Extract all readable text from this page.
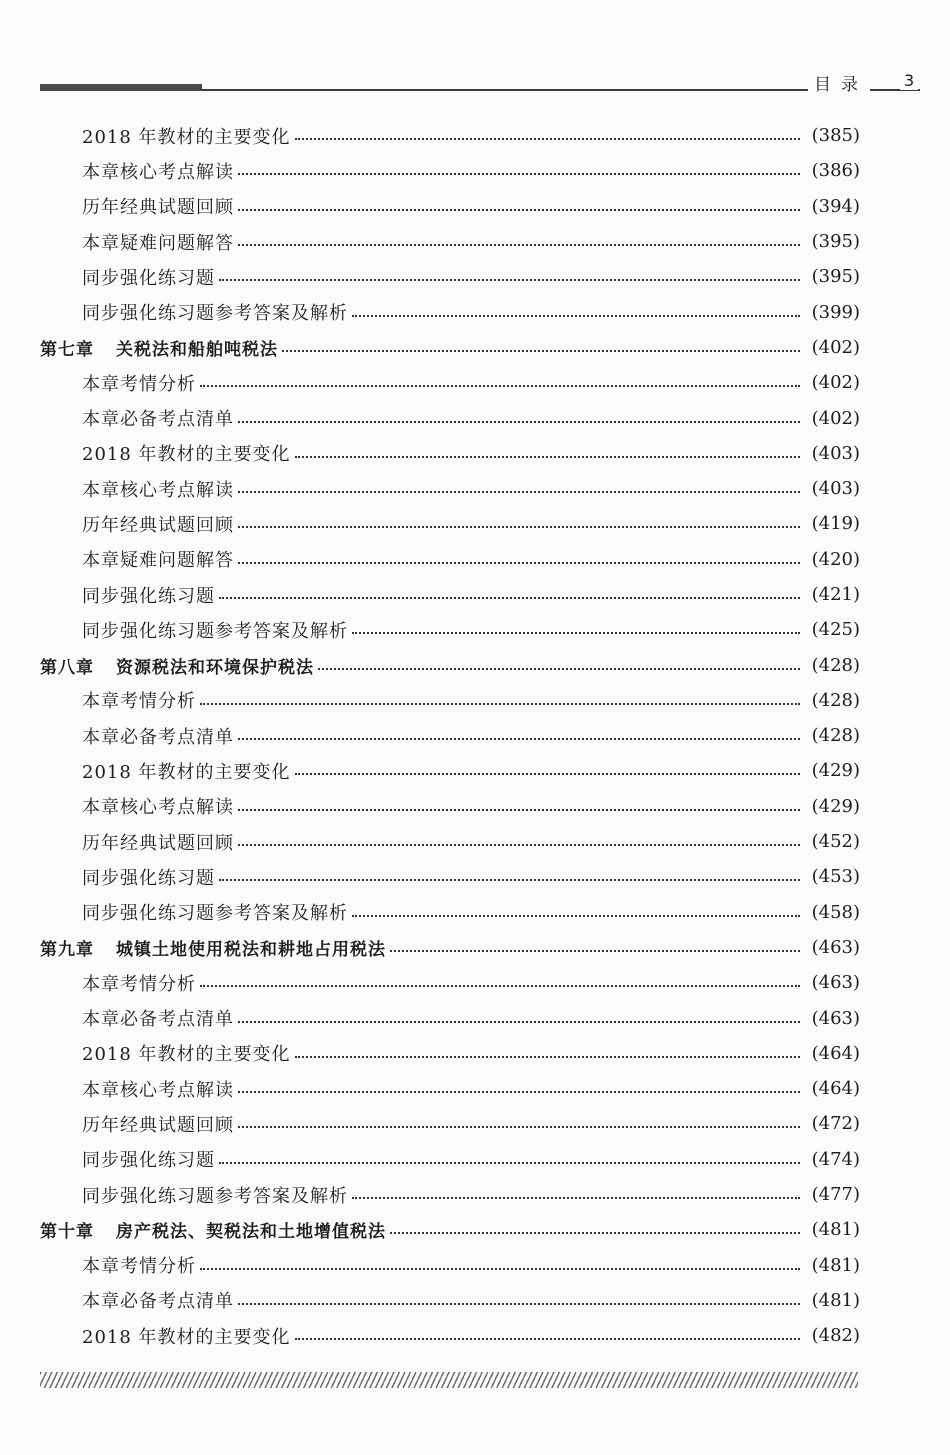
目录 3
2018 年教材的主要变化	(385)
本章核心考点解读	(386)
历年经典试题回顾	(394)
本章疑难问题解答	(395)
同步强化练习题	(395)
同步强化练习题参考答案及解析	(399)
第七章 关税法和船舶吨税法	(402)
本章考情分析	(402)
本章必备考点清单	(402)
2018 年教材的主要变化	(403)
本章核心考点解读	(403)
历年经典试题回顾	(419)
本章疑难问题解答	(420)
同步强化练习题	(421)
同步强化练习题参考答案及解析	(425)
第八章 资源税法和环境保护税法	(428)
本章考情分析	(428)
本章必备考点清单	(428)
2018 年教材的主要变化	(429)
本章核心考点解读	(429)
历年经典试题回顾	(452)
同步强化练习题	(453)
同步强化练习题参考答案及解析	(458)
第九章 城镇土地使用税法和耕地占用税法	(463)
本章考情分析	(463)
本章必备考点清单	(463)
2018 年教材的主要变化	(464)
本章核心考点解读	(464)
历年经典试题回顾	(472)
同步强化练习题	(474)
同步强化练习题参考答案及解析	(477)
第十章 房产税法、契税法和土地增值税法	(481)
本章考情分析	(481)
本章必备考点清单	(481)
2018 年教材的主要变化	(482)
